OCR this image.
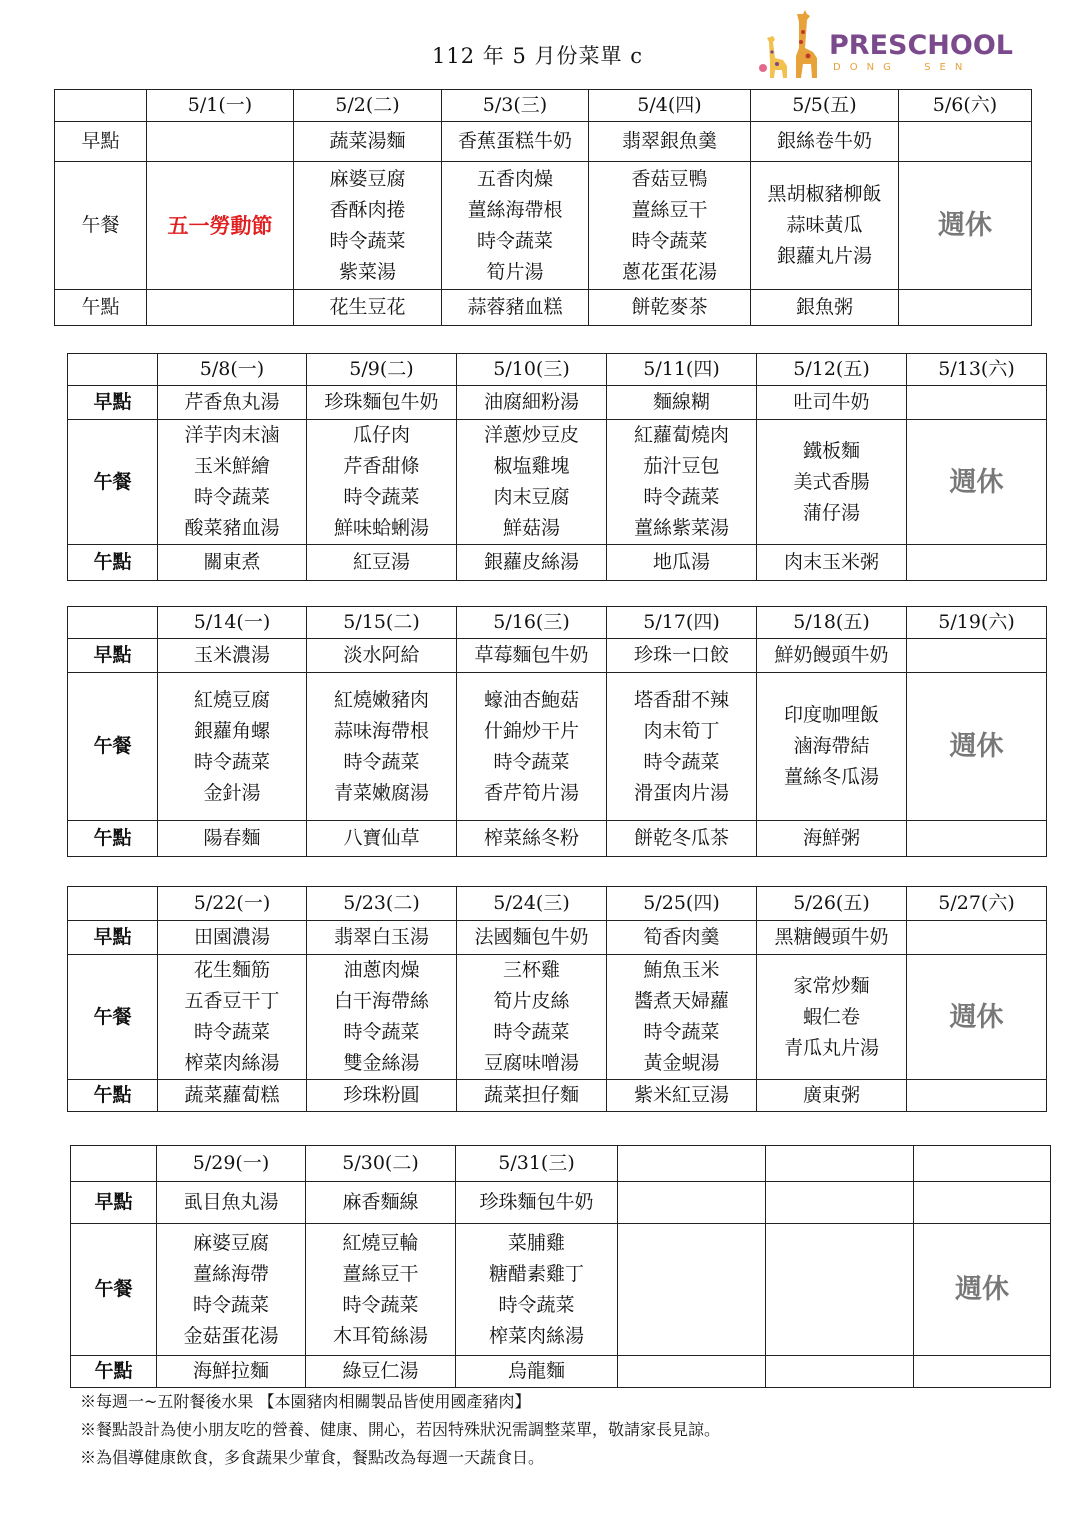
112 年 5 月份菜單 c	PRESCHOOL
DONG SEN
	5/1(一)	5/2(二)	5/3(三)	5/4(四)	5/5(五)	5/6(六)
早點		蔬菜湯麵	香蕉蛋糕牛奶	翡翠銀魚羹	銀絲卷牛奶	
午餐	五一勞動節	麻婆豆腐
香酥肉捲
時令蔬菜
紫菜湯	五香肉燥
薑絲海帶根
時令蔬菜
筍片湯	香菇豆鴨
薑絲豆干
時令蔬菜
蔥花蛋花湯	黑胡椒豬柳飯
蒜味黃瓜
銀蘿丸片湯	週休

午點		花生豆花	蒜蓉豬血糕	餅乾麥茶	銀魚粥	
	5/8(一)	5/9(二)	5/10(三)	5/11(四)	5/12(五)	5/13(六)
早點	芹香魚丸湯	珍珠麵包牛奶	油腐細粉湯	麵線糊	吐司牛奶	
午餐	洋芋肉末滷
玉米鮮繪
時令蔬菜
酸菜豬血湯	瓜仔肉
芹香甜條
時令蔬菜
鮮味蛤蜊湯	洋蔥炒豆皮
椒塩雞塊
肉末豆腐
鮮菇湯	紅蘿蔔燒肉
茄汁豆包
時令蔬菜
薑絲紫菜湯	鐵板麵
美式香腸
蒲仔湯	週休

午點	關東煮	紅豆湯	銀蘿皮絲湯	地瓜湯	肉末玉米粥	
	5/14(一)	5/15(二)	5/16(三)	5/17(四)	5/18(五)	5/19(六)
早點	玉米濃湯	淡水阿給	草莓麵包牛奶	珍珠一口餃	鮮奶饅頭牛奶	
午餐	紅燒豆腐
銀蘿角螺
時令蔬菜
金針湯	紅燒嫩豬肉
蒜味海帶根
時令蔬菜
青菜嫩腐湯	蠔油杏鮑菇
什錦炒干片
時令蔬菜
香芹筍片湯	塔香甜不辣
肉末筍丁
時令蔬菜
滑蛋肉片湯	印度咖哩飯
滷海帶結
薑絲冬瓜湯	週休

午點	陽春麵	八寶仙草	榨菜絲冬粉	餅乾冬瓜茶	海鮮粥	
	5/22(一)	5/23(二)	5/24(三)	5/25(四)	5/26(五)	5/27(六)
早點	田園濃湯	翡翠白玉湯	法國麵包牛奶	筍香肉羹	黑糖饅頭牛奶	
午餐	花生麵筋
五香豆干丁
時令蔬菜
榨菜肉絲湯	油蔥肉燥
白干海帶絲
時令蔬菜
雙金絲湯	三杯雞
筍片皮絲
時令蔬菜
豆腐味噌湯	鮪魚玉米
醬煮天婦蘿
時令蔬菜
黃金蜆湯	家常炒麵
蝦仁卷
青瓜丸片湯	週休

午點	蔬菜蘿蔔糕	珍珠粉圓	蔬菜担仔麵	紫米紅豆湯	廣東粥	
	5/29(一)	5/30(二)	5/31(三)			
早點	虱目魚丸湯	麻香麵線	珍珠麵包牛奶			
午餐	麻婆豆腐
薑絲海帶
時令蔬菜
金菇蛋花湯	紅燒豆輪
薑絲豆干
時令蔬菜
木耳筍絲湯	菜脯雞
糖醋素雞丁
時令蔬菜
榨菜肉絲湯			週休

午點	海鮮拉麵	綠豆仁湯	烏龍麵			
※每週一~五附餐後水果 【本園豬肉相關製品皆使用國產豬肉】
※餐點設計為使小朋友吃的營養、健康、開心，若因特殊狀況需調整菜單，敬請家長見諒。
※為倡導健康飲食，多食蔬果少葷食，餐點改為每週一天蔬食日。
